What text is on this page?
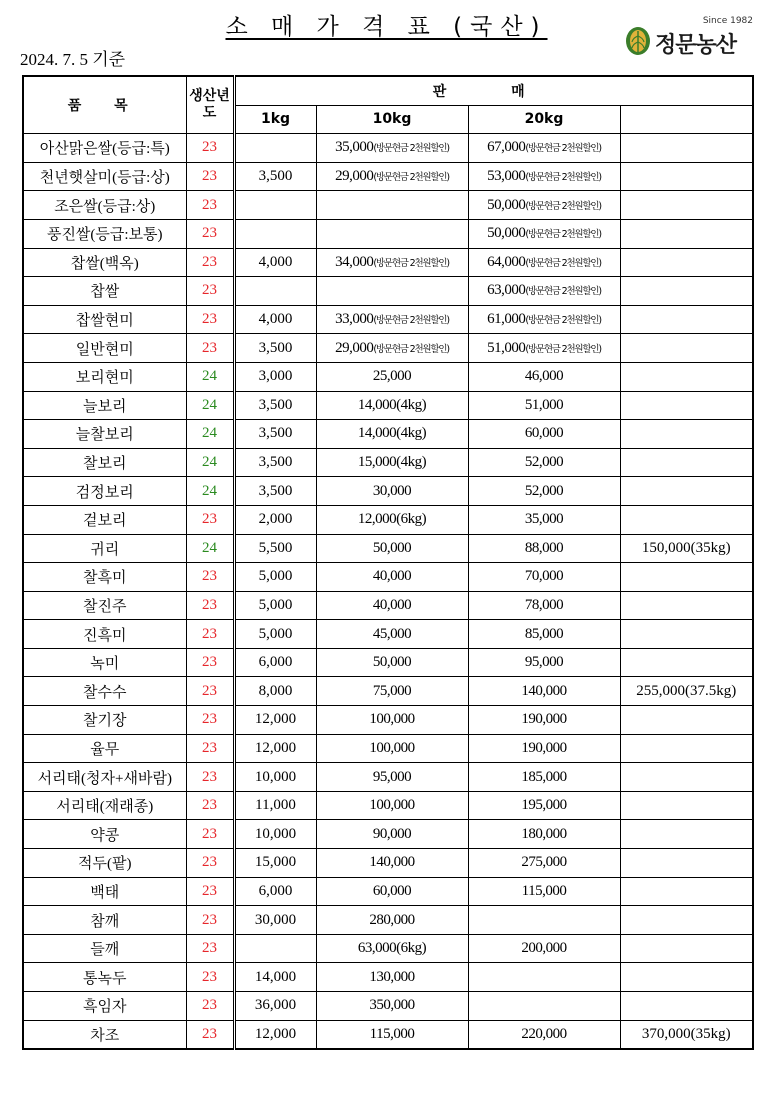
소 매 가 격 표 (국산)
2024. 7. 5 기준
Since 1982
정문농산
품 목	생산년도	판 매			
		1kg	10kg	20kg	
아산맑은쌀(등급:특)	23		35,000(방문현금 2천원할인)	67,000(방문현금 2천원할인)	
천년햇살미(등급:상)	23	3,500	29,000(방문현금 2천원할인)	53,000(방문현금 2천원할인)	
조은쌀(등급:상)	23			50,000(방문현금 2천원할인)	
풍진쌀(등급:보통)	23			50,000(방문현금 2천원할인)	
찹쌀(백옥)	23	4,000	34,000(방문현금 2천원할인)	64,000(방문현금 2천원할인)	
찹쌀	23			63,000(방문현금 2천원할인)	
찹쌀현미	23	4,000	33,000(방문현금 2천원할인)	61,000(방문현금 2천원할인)	
일반현미	23	3,500	29,000(방문현금 2천원할인)	51,000(방문현금 2천원할인)	
보리현미	24	3,000	25,000	46,000	
늘보리	24	3,500	14,000(4kg)	51,000	
늘찰보리	24	3,500	14,000(4kg)	60,000	
찰보리	24	3,500	15,000(4kg)	52,000	
검정보리	24	3,500	30,000	52,000	
겉보리	23	2,000	12,000(6kg)	35,000	
귀리	24	5,500	50,000	88,000	150,000(35kg)
찰흑미	23	5,000	40,000	70,000	
찰진주	23	5,000	40,000	78,000	
진흑미	23	5,000	45,000	85,000	
녹미	23	6,000	50,000	95,000	
찰수수	23	8,000	75,000	140,000	255,000(37.5kg)
찰기장	23	12,000	100,000	190,000	
율무	23	12,000	100,000	190,000	
서리태(청자+새바람)	23	10,000	95,000	185,000	
서리태(재래종)	23	11,000	100,000	195,000	
약콩	23	10,000	90,000	180,000	
적두(팥)	23	15,000	140,000	275,000	
백태	23	6,000	60,000	115,000	
참깨	23	30,000	280,000		
들깨	23		63,000(6kg)	200,000	
통녹두	23	14,000	130,000		
흑임자	23	36,000	350,000		
차조	23	12,000	115,000	220,000	370,000(35kg)
